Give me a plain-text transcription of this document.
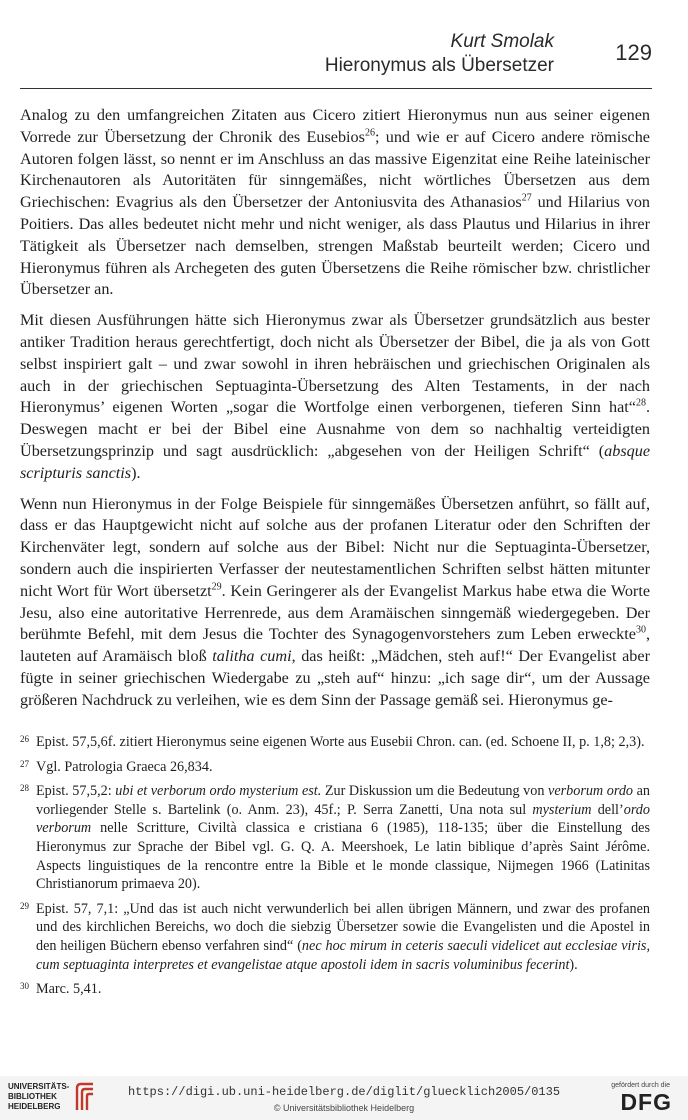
Kurt Smolak
Hieronymus als Übersetzer
129

Analog zu den umfangreichen Zitaten aus Cicero zitiert Hieronymus nun aus seiner eigenen Vorrede zur Übersetzung der Chronik des Eusebios$^{26}$; und wie er auf Cicero andere römische Autoren folgen lässt, so nennt er im Anschluss an das massive Eigenzitat eine Reihe lateinischer Kirchenautoren als Autoritäten für sinngemäßes, nicht wörtliches Übersetzen aus dem Griechischen: Evagrius als den Übersetzer der Antoniusvita des Athanasios$^{27}$ und Hilarius von Poitiers. Das alles bedeutet nicht mehr und nicht weniger, als dass Plautus und Hilarius in ihrer Tätigkeit als Übersetzer nach demselben, strengen Maßstab beurteilt werden; Cicero und Hieronymus führen als Archegeten des guten Übersetzens die Reihe römischer bzw. christlicher Übersetzer an.

Mit diesen Ausführungen hätte sich Hieronymus zwar als Übersetzer grundsätzlich aus bester antiker Tradition heraus gerechtfertigt, doch nicht als Übersetzer der Bibel, die ja als von Gott selbst inspiriert galt – und zwar sowohl in ihren hebräischen und griechischen Originalen als auch in der griechischen Septuaginta-Übersetzung des Alten Testaments, in der nach Hieronymus’ eigenen Worten „sogar die Wortfolge einen verborgenen, tieferen Sinn hat“$^{28}$. Deswegen macht er bei der Bibel eine Ausnahme von dem so nachhaltig verteidigten Übersetzungsprinzip und sagt ausdrücklich: „abgesehen von der Heiligen Schrift“ (absque scripturis sanctis).

Wenn nun Hieronymus in der Folge Beispiele für sinngemäßes Übersetzen anführt, so fällt auf, dass er das Hauptgewicht nicht auf solche aus der profanen Literatur oder den Schriften der Kirchenväter legt, sondern auf solche aus der Bibel: Nicht nur die Septuaginta-Übersetzer, sondern auch die inspirierten Verfasser der neutestamentlichen Schriften selbst hätten mitunter nicht Wort für Wort übersetzt$^{29}$. Kein Geringerer als der Evangelist Markus habe etwa die Worte Jesu, also eine autoritative Herrenrede, aus dem Aramäischen sinngemäß wiedergegeben. Der berühmte Befehl, mit dem Jesus die Tochter des Synagogenvorstehers zum Leben erweckte$^{30}$, lauteten auf Aramäisch bloß talitha cumi, das heißt: „Mädchen, steh auf!“ Der Evangelist aber fügte in seiner griechischen Wiedergabe zu „steh auf“ hinzu: „ich sage dir“, um der Aussage größeren Nachdruck zu verleihen, wie es dem Sinn der Passage gemäß sei. Hieronymus ge-

26 Epist. 57,5,6f. zitiert Hieronymus seine eigenen Worte aus Eusebii Chron. can. (ed. Schoene II, p. 1,8; 2,3).

27 Vgl. Patrologia Graeca 26,834.

28 Epist. 57,5,2: ubi et verborum ordo mysterium est. Zur Diskussion um die Bedeutung von verborum ordo an vorliegender Stelle s. Bartelink (o. Anm. 23), 45f.; P. Serra Zanetti, Una nota sul mysterium dell’ordo verborum nelle Scritture, Civiltà classica e cristiana 6 (1985), 118-135; über die Einstellung des Hieronymus zur Sprache der Bibel vgl. G. Q. A. Meershoek, Le latin biblique d’après Saint Jérôme. Aspects linguistiques de la rencontre entre la Bible et le monde classique, Nijmegen 1966 (Latinitas Christianorum primaeva 20).

29 Epist. 57, 7,1: „Und das ist auch nicht verwunderlich bei allen übrigen Männern, und zwar des profanen und des kirchlichen Bereichs, wo doch die siebzig Übersetzer sowie die Evangelisten und die Apostel in den heiligen Büchern ebenso verfahren sind“ (nec hoc mirum in ceteris saeculi videlicet aut ecclesiae viris, cum septuaginta interpretes et evangelistae atque apostoli idem in sacris voluminibus fecerint).

30 Marc. 5,41.

UNIVERSITÄTS-
BIBLIOTHEK
HEIDELBERG
https://digi.ub.uni-heidelberg.de/diglit/gluecklich2005/0135
© Universitätsbibliothek Heidelberg
gefördert durch die
DFG
